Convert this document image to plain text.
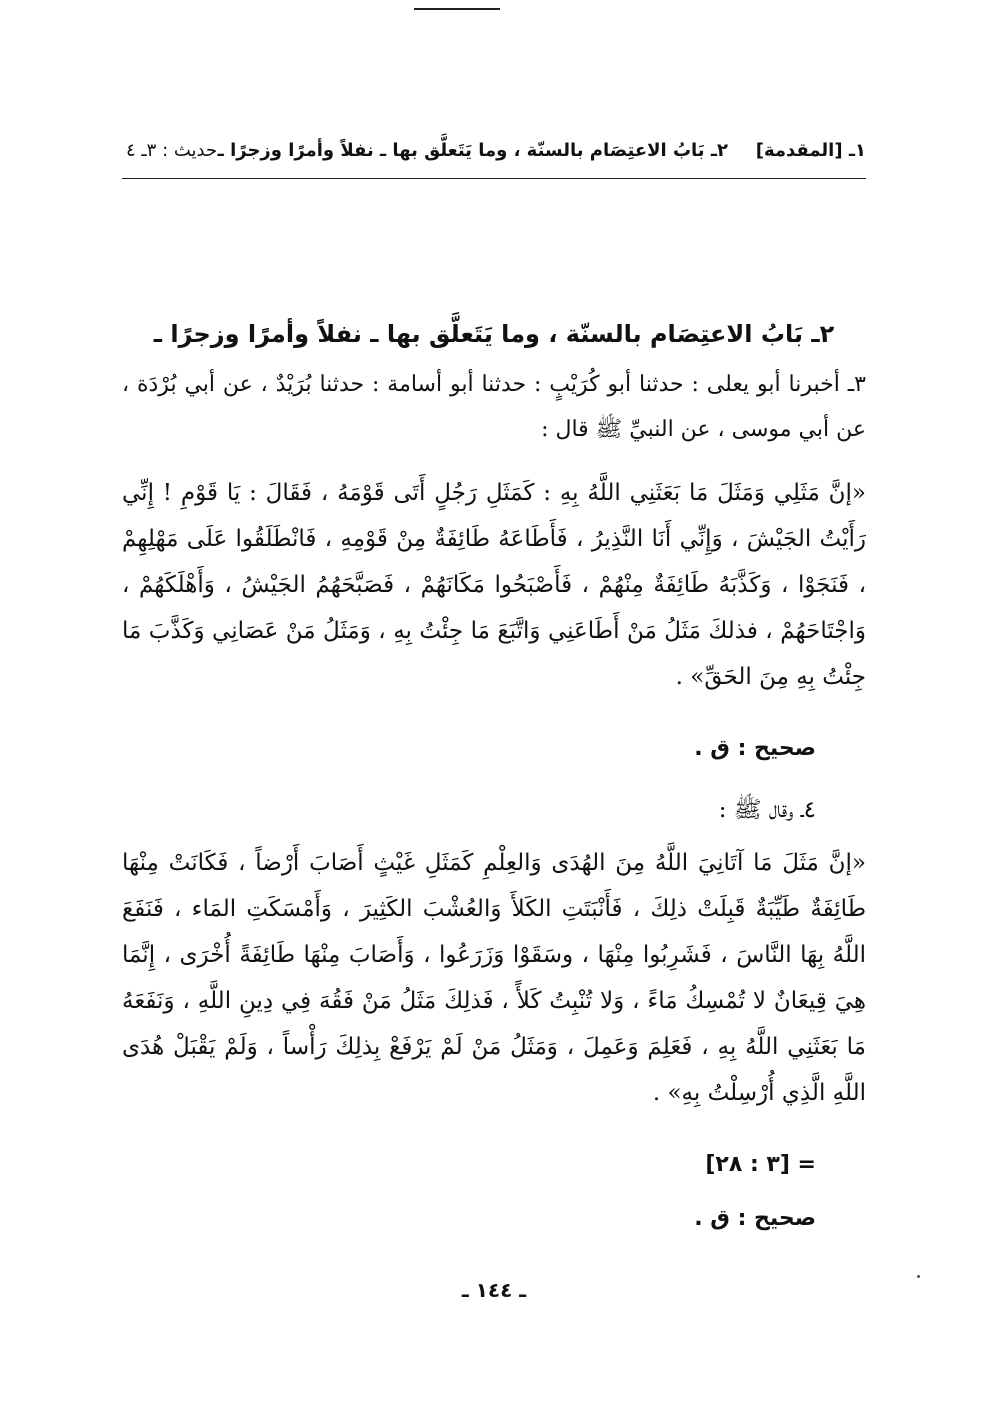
١ـ [المقدمة]
٢ـ بَابُ الاعتِصَام بالسنّة ، وما يَتَعلَّق بها ـ نفلاً وأمرًا وزجرًا ـ
حديث : ٣ـ ٤
٢ـ بَابُ الاعتِصَام بالسنّة ، وما يَتَعلَّق بها ـ نفلاً وأمرًا وزجرًا ـ

٣ـ أخبرنا أبو يعلى : حدثنا أبو كُرَيْبٍ : حدثنا أبو أسامة : حدثنا بُرَيْدٌ ، عن أبي بُرْدَة ، عن أبي موسى ، عن النبيِّ ﷺ قال :

«إنَّ مَثَلِي وَمَثَلَ مَا بَعَثَنِي اللَّهُ بِهِ : كَمَثَلِ رَجُلٍ أَتَى قَوْمَهُ ، فَقَالَ : يَا قَوْمِ ! إِنِّي رَأَيْتُ الجَيْشَ ، وَإِنِّي أَنَا النَّذِيرُ ، فَأَطَاعَهُ طَائِفَةٌ مِنْ قَوْمِهِ ، فَانْطَلَقُوا عَلَى مَهْلِهِمْ ، فَنَجَوْا ، وَكَذَّبَهُ طَائِفَةٌ مِنْهُمْ ، فَأَصْبَحُوا مَكَانَهُمْ ، فَصَبَّحَهُمُ الجَيْشُ ، وَأَهْلَكَهُمْ ، وَاجْتَاحَهُمْ ، فذلكَ مَثَلُ مَنْ أَطَاعَنِي وَاتَّبَعَ مَا جِئْتُ بِهِ ، وَمَثَلُ مَنْ عَصَانِي وَكَذَّبَ مَا جِئْتُ بِهِ مِنَ الحَقِّ» .

صحيح : ق .

٤ـ وقال ﷺ :

«إنَّ مَثَلَ مَا آتَانِيَ اللَّهُ مِنَ الهُدَى وَالعِلْمِ كَمَثَلِ غَيْثٍ أَصَابَ أَرْضاً ، فَكَانَتْ مِنْهَا طَائِفَةٌ طَيِّبَةٌ قَبِلَتْ ذلِكَ ، فَأَنْبَتَتِ الكَلأَ وَالعُشْبَ الكَثِيرَ ، وَأَمْسَكَتِ المَاء ، فَنَفَعَ اللَّهُ بِهَا النَّاسَ ، فَشَرِبُوا مِنْهَا ، وسَقَوْا وَزَرَعُوا ، وَأَصَابَ مِنْهَا طَائِفَةً أُخْرَى ، إِنَّمَا هِيَ قِيعَانٌ لا تُمْسِكُ مَاءً ، وَلا تُنْبِتُ كَلأً ، فَذلِكَ مَثَلُ مَنْ فَقُهَ فِي دِينِ اللَّهِ ، وَنَفَعَهُ مَا بَعَثَنِي اللَّهُ بِهِ ، فَعَلِمَ وَعَمِلَ ، وَمَثَلُ مَنْ لَمْ يَرْفَعْ بِذلِكَ رَأْساً ، وَلَمْ يَقْبَلْ هُدَى اللَّهِ الَّذِي أُرْسِلْتُ بِهِ» .

= [٣ : ٢٨]

صحيح : ق .

ـ ١٤٤ ـ
